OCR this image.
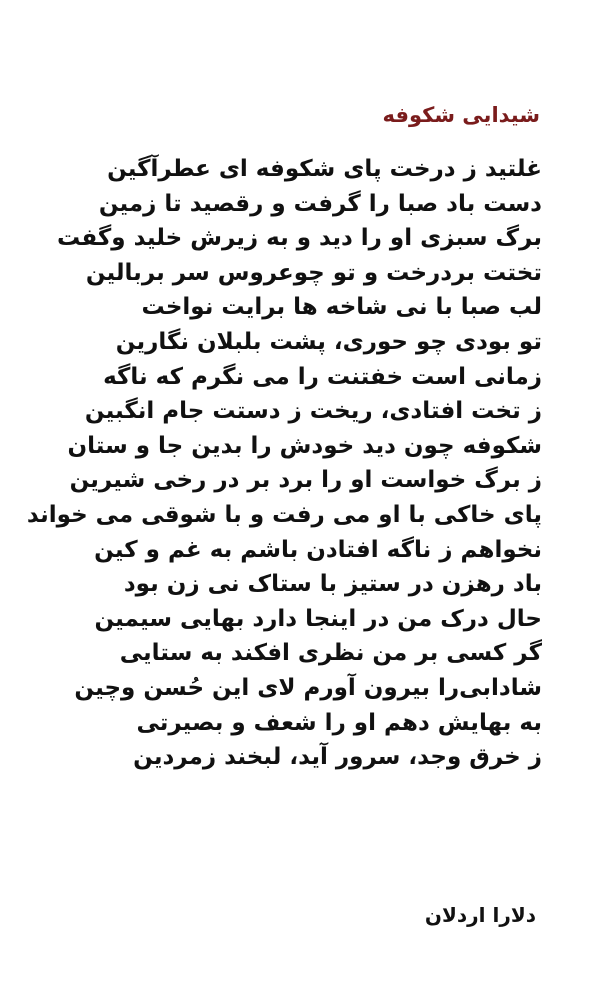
شیدایی شکوفه
غلتید ز درخت پای شکوفه ای عطرآگین
دست باد صبا را گرفت و رقصید تا زمین
برگ سبزی او را دید و به زیرش خلید وگفت
تختت بردرخت و تو چوعروس سر بربالین
لب صبا با نی شاخه ها برایت نواخت
تو بودی چو حوری، پشت بلبلان نگارین
زمانی است خفتنت را می نگرم که ناگه
ز تخت افتادی، ریخت ز دستت جام انگبین
شکوفه چون دید خودش را بدین جا و ستان
ز برگ خواست او را برد بر در رخی شیرین
پای خاکی با او می رفت و با شوقی می خواند
نخواهم ز ناگه افتادن باشم به غم و کین
باد رهزن در ستیز با ستاک نی زن بود
حال درک من در اینجا دارد بهایی سیمین
گر کسی بر من نظری افکند به ستایی
شادابی‌را بیرون آورم لای این حُسن وچین
به بهایش دهم او را شعف و بصیرتی
ز خرق وجد، سرور آید، لبخند زمردین

دلارا اردلان
